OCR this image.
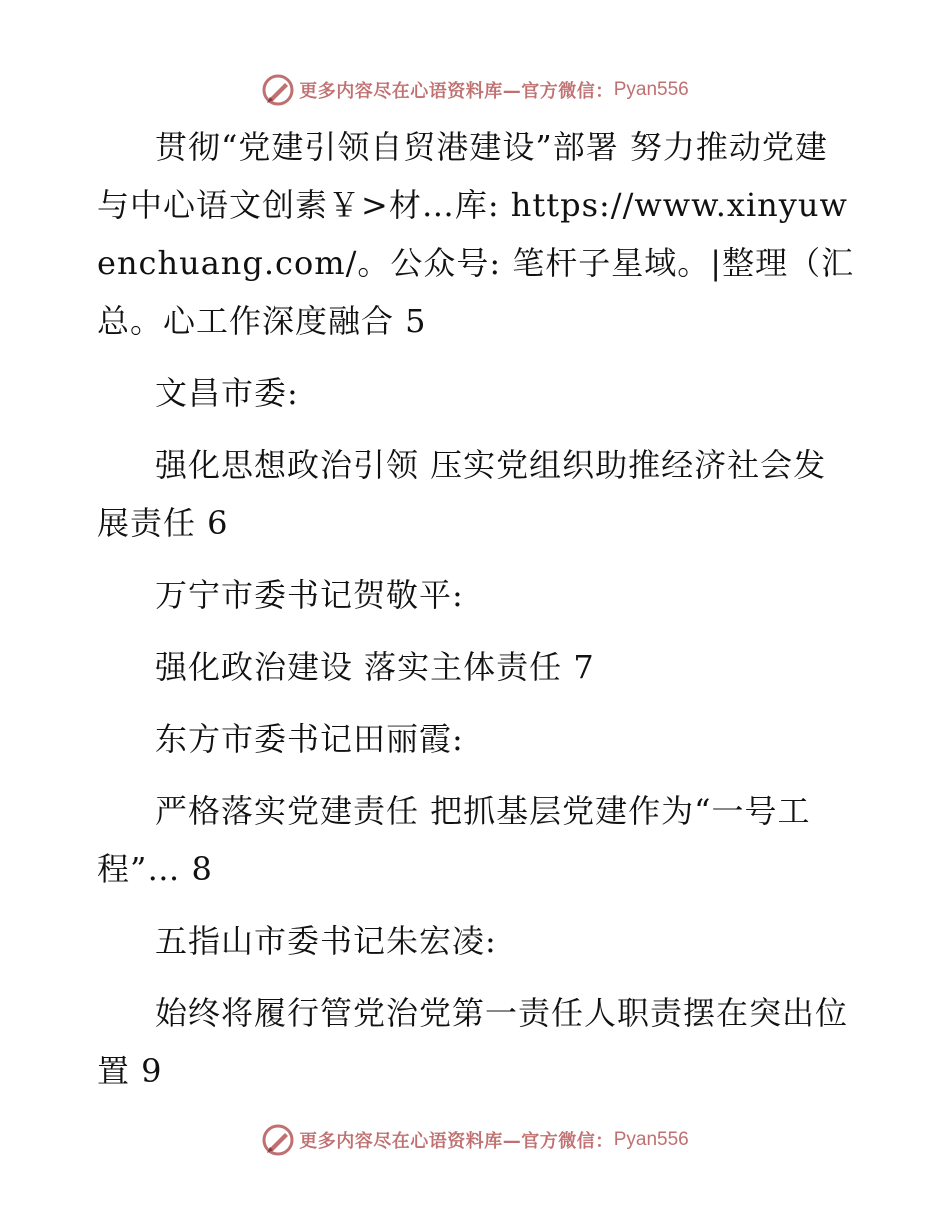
更多内容尽在心语资料库—官方微信： Pyan556

贯彻“党建引领自贸港建设”部署 努力推动党建与中心语文创素￥>材…库: https://www.xinyuwenchuang.com/。公众号: 笔杆子星域。|整理（汇总。心工作深度融合 5

文昌市委:

强化思想政治引领 压实党组织助推经济社会发展责任 6

万宁市委书记贺敬平:

强化政治建设 落实主体责任 7

东方市委书记田丽霞:

严格落实党建责任 把抓基层党建作为“一号工程”… 8

五指山市委书记朱宏凌:

始终将履行管党治党第一责任人职责摆在突出位置 9

更多内容尽在心语资料库—官方微信： Pyan556
